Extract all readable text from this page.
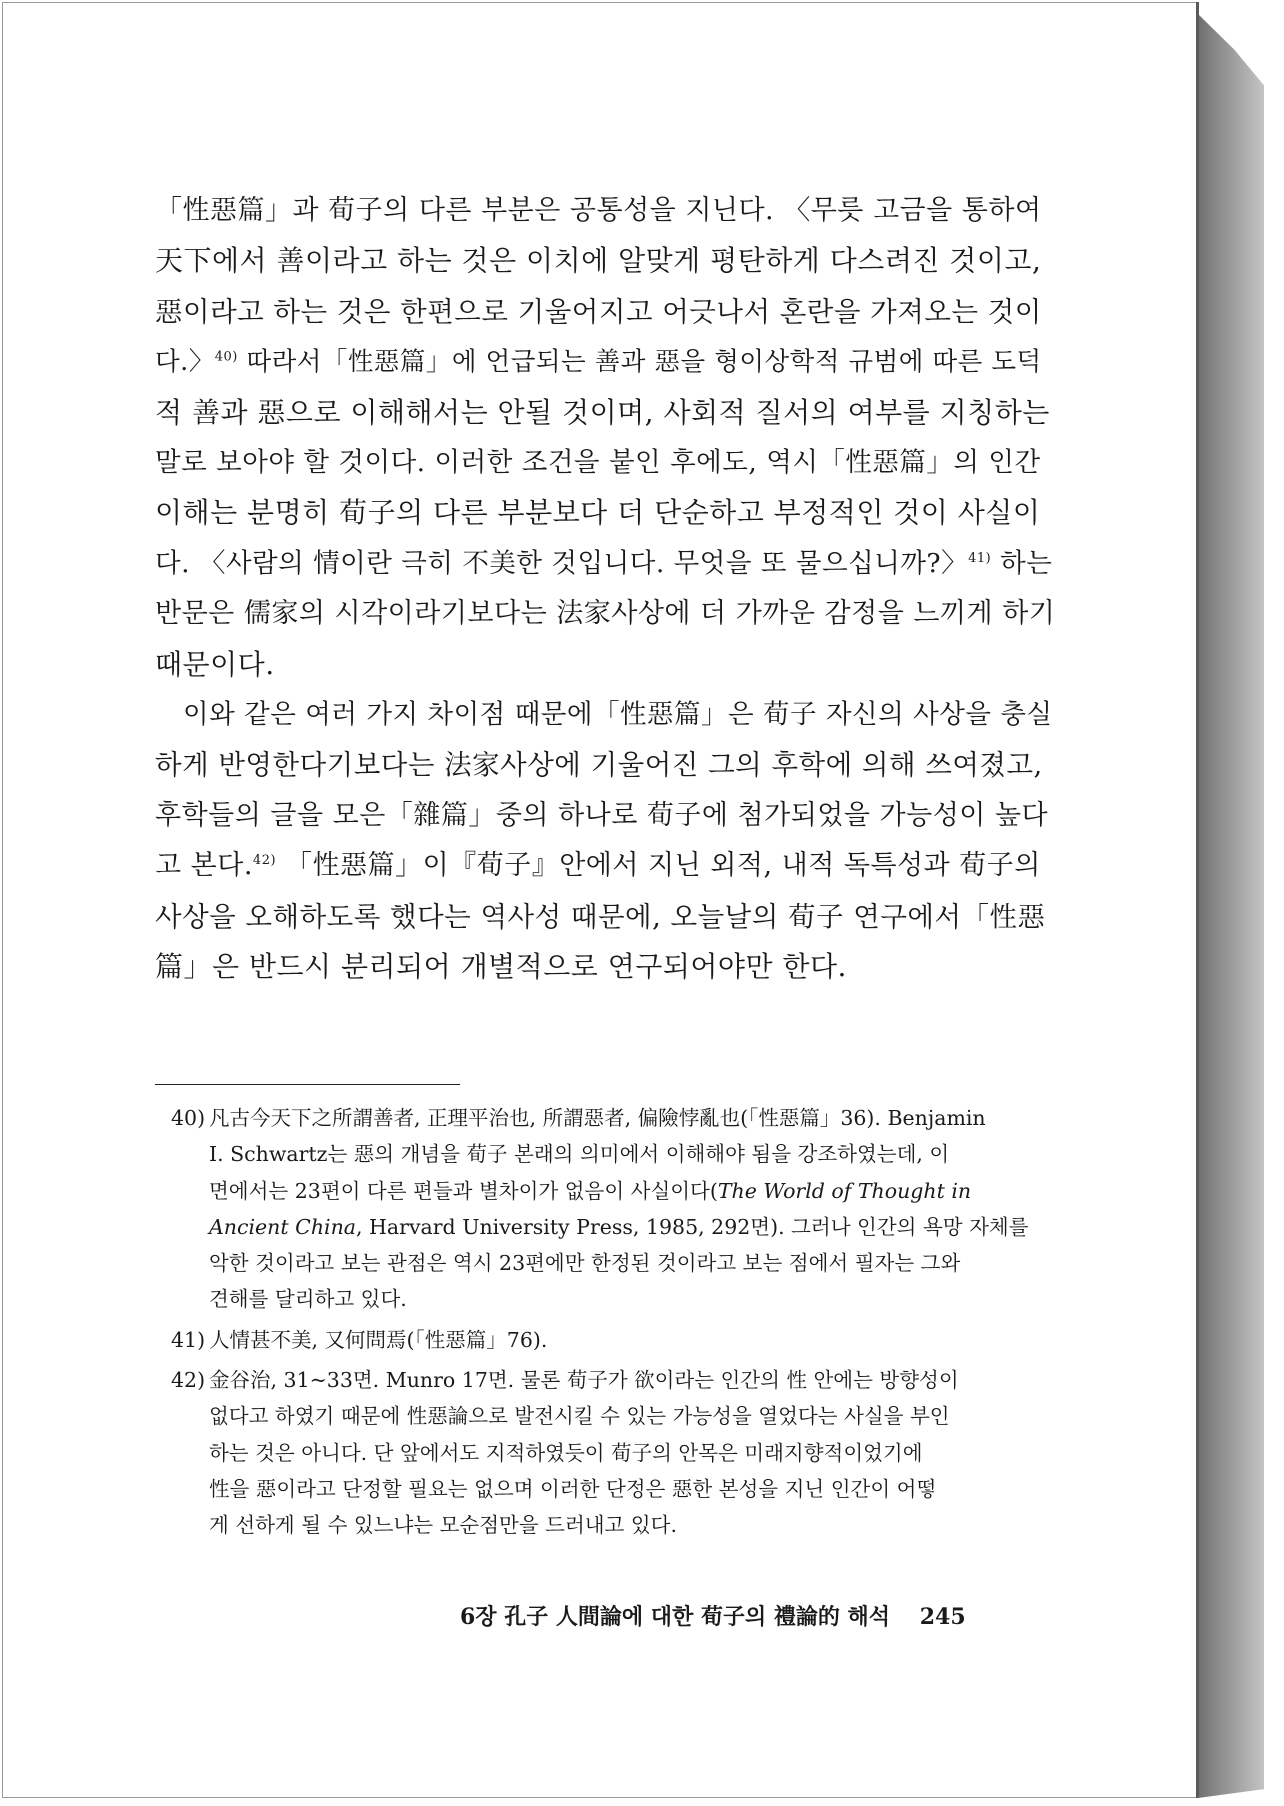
「性惡篇」과 荀子의 다른 부분은 공통성을 지닌다. 〈무릇 고금을 통하여

天下에서 善이라고 하는 것은 이치에 알맞게 평탄하게 다스려진 것이고,

惡이라고 하는 것은 한편으로 기울어지고 어긋나서 혼란을 가져오는 것이

다.〉$^{40)}$ 따라서「性惡篇」에 언급되는 善과 惡을 형이상학적 규범에 따른 도덕

적 善과 惡으로 이해해서는 안될 것이며, 사회적 질서의 여부를 지칭하는

말로 보아야 할 것이다. 이러한 조건을 붙인 후에도, 역시「性惡篇」의 인간

이해는 분명히 荀子의 다른 부분보다 더 단순하고 부정적인 것이 사실이

다. 〈사람의 情이란 극히 不美한 것입니다. 무엇을 또 물으십니까?〉$^{41)}$ 하는

반문은 儒家의 시각이라기보다는 法家사상에 더 가까운 감정을 느끼게 하기

때문이다.

이와 같은 여러 가지 차이점 때문에「性惡篇」은 荀子 자신의 사상을 충실

하게 반영한다기보다는 法家사상에 기울어진 그의 후학에 의해 쓰여졌고,

후학들의 글을 모은「雜篇」중의 하나로 荀子에 첨가되었을 가능성이 높다

고 본다.$^{42)}$ 「性惡篇」이『荀子』안에서 지닌 외적, 내적 독특성과 荀子의

사상을 오해하도록 했다는 역사성 때문에, 오늘날의 荀子 연구에서「性惡

篇」은 반드시 분리되어 개별적으로 연구되어야만 한다.

40) 凡古今天下之所謂善者, 正理平治也, 所謂惡者, 偏險悖亂也(「性惡篇」36). Benjamin
I. Schwartz는 惡의 개념을 荀子 본래의 의미에서 이해해야 됨을 강조하였는데, 이
면에서는 23편이 다른 편들과 별차이가 없음이 사실이다(The World of Thought in
Ancient China, Harvard University Press, 1985, 292면). 그러나 인간의 욕망 자체를
악한 것이라고 보는 관점은 역시 23편에만 한정된 것이라고 보는 점에서 필자는 그와
견해를 달리하고 있다.
41) 人情甚不美, 又何問焉(「性惡篇」76).
42) 金谷治, 31~33면. Munro 17면. 물론 荀子가 欲이라는 인간의 性 안에는 방향성이
없다고 하였기 때문에 性惡論으로 발전시킬 수 있는 가능성을 열었다는 사실을 부인
하는 것은 아니다. 단 앞에서도 지적하였듯이 荀子의 안목은 미래지향적이었기에
性을 惡이라고 단정할 필요는 없으며 이러한 단정은 惡한 본성을 지닌 인간이 어떻
게 선하게 될 수 있느냐는 모순점만을 드러내고 있다.
6장 孔子 人間論에 대한 荀子의 禮論的 해석 245
